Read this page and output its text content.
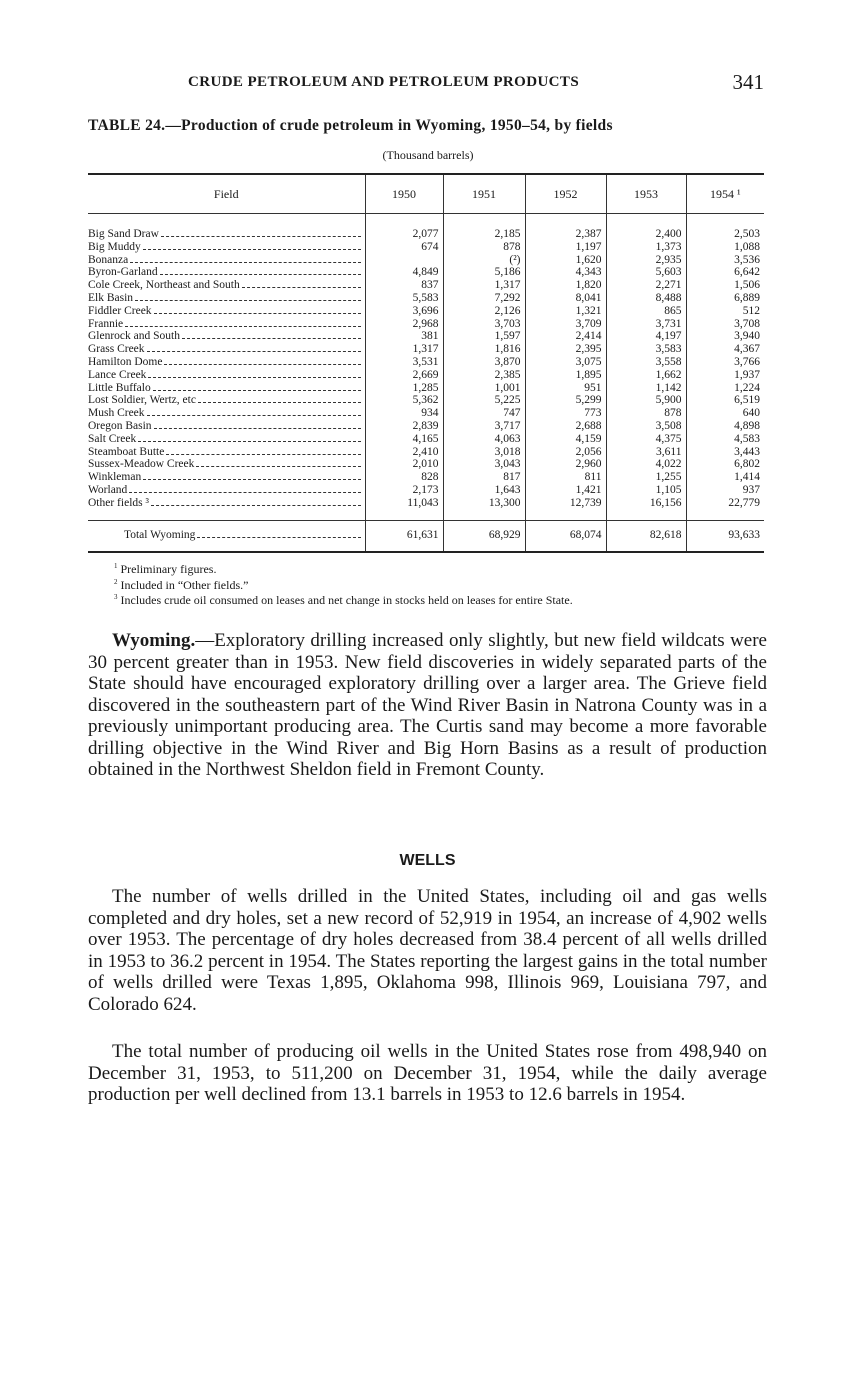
CRUDE PETROLEUM AND PETROLEUM PRODUCTS	341
TABLE 24.—Production of crude petroleum in Wyoming, 1950–54, by fields
(Thousand barrels)
Field	1950	1951	1952	1953	1954 ¹

Big Sand Draw	2,077	2,185	2,387	2,400	2,503

Big Muddy	674	878	1,197	1,373	1,088

Bonanza		(²)	1,620	2,935	3,536

Byron-Garland	4,849	5,186	4,343	5,603	6,642

Cole Creek, Northeast and South	837	1,317	1,820	2,271	1,506

Elk Basin	5,583	7,292	8,041	8,488	6,889

Fiddler Creek	3,696	2,126	1,321	865	512

Frannie	2,968	3,703	3,709	3,731	3,708

Glenrock and South	381	1,597	2,414	4,197	3,940

Grass Creek	1,317	1,816	2,395	3,583	4,367

Hamilton Dome	3,531	3,870	3,075	3,558	3,766

Lance Creek	2,669	2,385	1,895	1,662	1,937

Little Buffalo	1,285	1,001	951	1,142	1,224

Lost Soldier, Wertz, etc	5,362	5,225	5,299	5,900	6,519

Mush Creek	934	747	773	878	640

Oregon Basin	2,839	3,717	2,688	3,508	4,898

Salt Creek	4,165	4,063	4,159	4,375	4,583

Steamboat Butte	2,410	3,018	2,056	3,611	3,443

Sussex-Meadow Creek	2,010	3,043	2,960	4,022	6,802

Winkleman	828	817	811	1,255	1,414

Worland	2,173	1,643	1,421	1,105	937

Other fields ³	11,043	13,300	12,739	16,156	22,779

Total Wyoming	61,631	68,929	68,074	82,618	93,633
$^1$ Preliminary figures.
$^2$ Included in “Other fields.”
$^3$ Includes crude oil consumed on leases and net change in stocks held on leases for entire State.
Wyoming.—Exploratory drilling increased only slightly, but new field wildcats were 30 percent greater than in 1953. New field discoveries in widely separated parts of the State should have encouraged exploratory drilling over a larger area. The Grieve field discovered in the southeastern part of the Wind River Basin in Natrona County was in a previously unimportant producing area. The Curtis sand may become a more favorable drilling objective in the Wind River and Big Horn Basins as a result of production obtained in the Northwest Sheldon field in Fremont County.
WELLS
The number of wells drilled in the United States, including oil and gas wells completed and dry holes, set a new record of 52,919 in 1954, an increase of 4,902 wells over 1953. The percentage of dry holes decreased from 38.4 percent of all wells drilled in 1953 to 36.2 percent in 1954. The States reporting the largest gains in the total number of wells drilled were Texas 1,895, Oklahoma 998, Illinois 969, Louisiana 797, and Colorado 624.
The total number of producing oil wells in the United States rose from 498,940 on December 31, 1953, to 511,200 on December 31, 1954, while the daily average production per well declined from 13.1 barrels in 1953 to 12.6 barrels in 1954.
